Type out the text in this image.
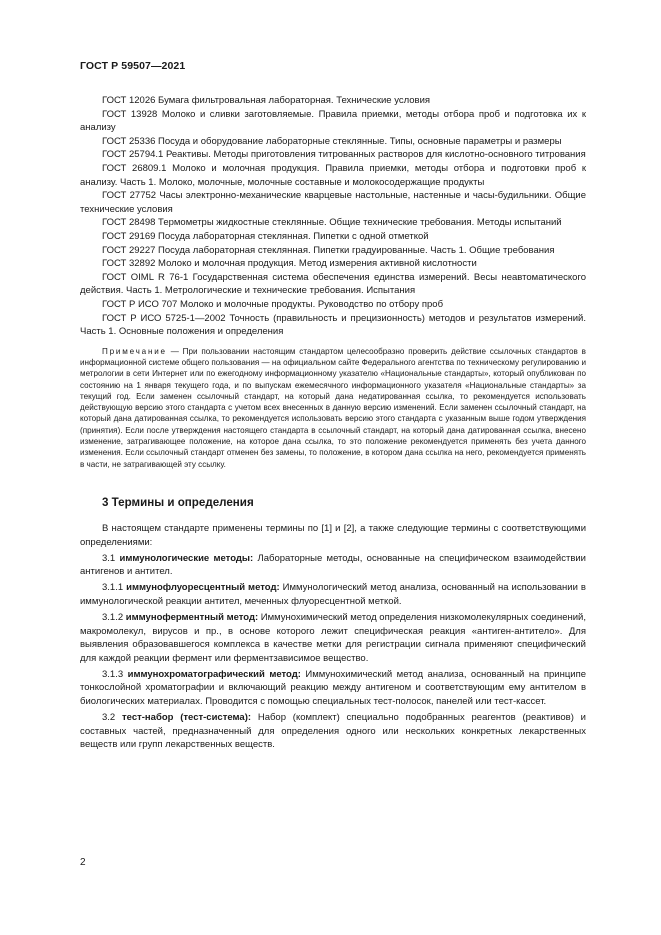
ГОСТ Р 59507—2021
ГОСТ 12026 Бумага фильтровальная лабораторная. Технические условия
ГОСТ 13928 Молоко и сливки заготовляемые. Правила приемки, методы отбора проб и подготовка их к анализу
ГОСТ 25336 Посуда и оборудование лабораторные стеклянные. Типы, основные параметры и размеры
ГОСТ 25794.1 Реактивы. Методы приготовления титрованных растворов для кислотно-основного титрования
ГОСТ 26809.1 Молоко и молочная продукция. Правила приемки, методы отбора и подготовки проб к анализу. Часть 1. Молоко, молочные, молочные составные и молокосодержащие продукты
ГОСТ 27752 Часы электронно-механические кварцевые настольные, настенные и часы-будильники. Общие технические условия
ГОСТ 28498 Термометры жидкостные стеклянные. Общие технические требования. Методы испытаний
ГОСТ 29169 Посуда лабораторная стеклянная. Пипетки с одной отметкой
ГОСТ 29227 Посуда лабораторная стеклянная. Пипетки градуированные. Часть 1. Общие требования
ГОСТ 32892 Молоко и молочная продукция. Метод измерения активной кислотности
ГОСТ OIML R 76-1 Государственная система обеспечения единства измерений. Весы неавтоматического действия. Часть 1. Метрологические и технические требования. Испытания
ГОСТ Р ИСО 707 Молоко и молочные продукты. Руководство по отбору проб
ГОСТ Р ИСО 5725-1—2002 Точность (правильность и прецизионность) методов и результатов измерений. Часть 1. Основные положения и определения
Примечание — При пользовании настоящим стандартом целесообразно проверить действие ссылочных стандартов в информационной системе общего пользования — на официальном сайте Федерального агентства по техническому регулированию и метрологии в сети Интернет или по ежегодному информационному указателю «Национальные стандарты», который опубликован по состоянию на 1 января текущего года, и по выпускам ежемесячного информационного указателя «Национальные стандарты» за текущий год. Если заменен ссылочный стандарт, на который дана недатированная ссылка, то рекомендуется использовать действующую версию этого стандарта с учетом всех внесенных в данную версию изменений. Если заменен ссылочный стандарт, на который дана датированная ссылка, то рекомендуется использовать версию этого стандарта с указанным выше годом утверждения (принятия). Если после утверждения настоящего стандарта в ссылочный стандарт, на который дана датированная ссылка, внесено изменение, затрагивающее положение, на которое дана ссылка, то это положение рекомендуется применять без учета данного изменения. Если ссылочный стандарт отменен без замены, то положение, в котором дана ссылка на него, рекомендуется применять в части, не затрагивающей эту ссылку.
3 Термины и определения
В настоящем стандарте применены термины по [1] и [2], а также следующие термины с соответствующими определениями:
3.1 иммунологические методы: Лабораторные методы, основанные на специфическом взаимодействии антигенов и антител.
3.1.1 иммунофлуоресцентный метод: Иммунологический метод анализа, основанный на использовании в иммунологической реакции антител, меченных флуоресцентной меткой.
3.1.2 иммуноферментный метод: Иммунохимический метод определения низкомолекулярных соединений, макромолекул, вирусов и пр., в основе которого лежит специфическая реакция «антиген-антитело». Для выявления образовавшегося комплекса в качестве метки для регистрации сигнала применяют специфический для каждой реакции фермент или ферментзависимое вещество.
3.1.3 иммунохроматографический метод: Иммунохимический метод анализа, основанный на принципе тонкослойной хроматографии и включающий реакцию между антигеном и соответствующим ему антителом в биологических материалах. Проводится с помощью специальных тест-полосок, панелей или тест-кассет.
3.2 тест-набор (тест-система): Набор (комплект) специально подобранных реагентов (реактивов) и составных частей, предназначенный для определения одного или нескольких конкретных лекарственных веществ или групп лекарственных веществ.
2
